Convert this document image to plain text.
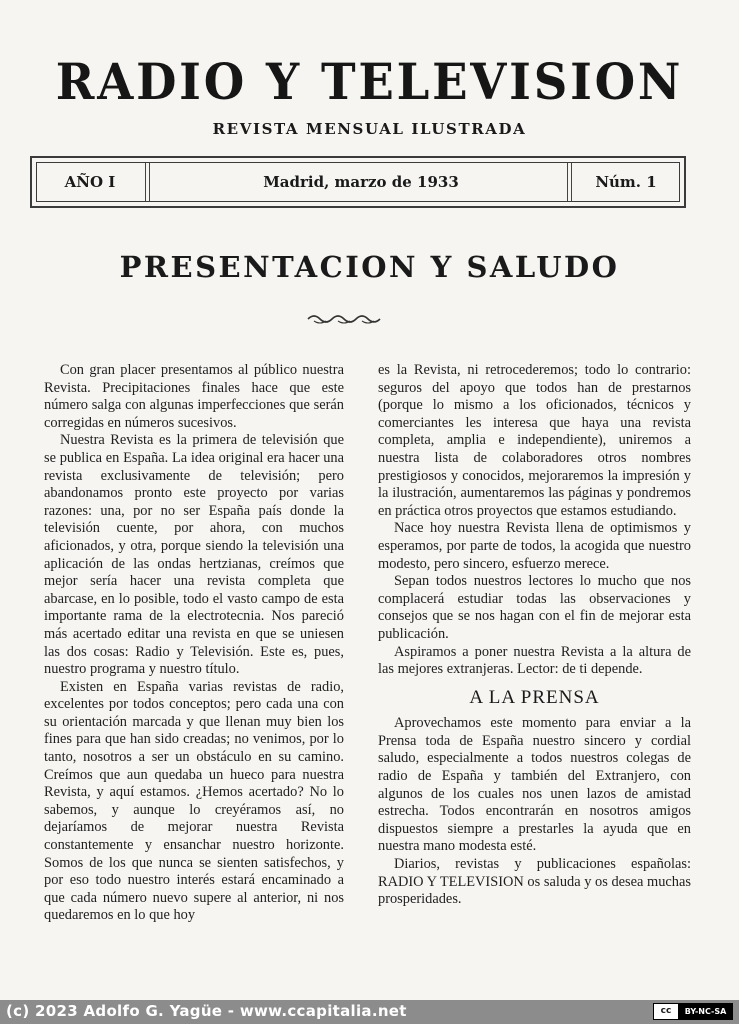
RADIO Y TELEVISION
REVISTA MENSUAL ILUSTRADA
AÑO I	Madrid, marzo de 1933	Núm. 1
PRESENTACION Y SALUDO

Con gran placer presentamos al público nuestra Revista. Precipitaciones finales hace que este número salga con algunas imperfecciones que serán corregidas en números sucesivos.

Nuestra Revista es la primera de televisión que se publica en España. La idea original era hacer una revista exclusivamente de televisión; pero abandonamos pronto este proyecto por varias razones: una, por no ser España país donde la televisión cuente, por ahora, con muchos aficionados, y otra, porque siendo la televisión una aplicación de las ondas hertzianas, creímos que mejor sería hacer una revista completa que abarcase, en lo posible, todo el vasto campo de esta importante rama de la electrotecnia. Nos pareció más acertado editar una revista en que se uniesen las dos cosas: Radio y Televisión. Este es, pues, nuestro programa y nuestro título.

Existen en España varias revistas de radio, excelentes por todos conceptos; pero cada una con su orientación marcada y que llenan muy bien los fines para que han sido creadas; no venimos, por lo tanto, nosotros a ser un obstáculo en su camino. Creímos que aun quedaba un hueco para nuestra Revista, y aquí estamos. ¿Hemos acertado? No lo sabemos, y aunque lo creyéramos así, no dejaríamos de mejorar nuestra Revista constantemente y ensanchar nuestro horizonte. Somos de los que nunca se sienten satisfechos, y por eso todo nuestro interés estará encaminado a que cada número nuevo supere al anterior, ni nos quedaremos en lo que hoy

es la Revista, ni retrocederemos; todo lo contrario: seguros del apoyo que todos han de prestarnos (porque lo mismo a los oficionados, técnicos y comerciantes les interesa que haya una revista completa, amplia e independiente), uniremos a nuestra lista de colaboradores otros nombres prestigiosos y conocidos, mejoraremos la impresión y la ilustración, aumentaremos las páginas y pondremos en práctica otros proyectos que estamos estudiando.

Nace hoy nuestra Revista llena de optimismos y esperamos, por parte de todos, la acogida que nuestro modesto, pero sincero, esfuerzo merece.

Sepan todos nuestros lectores lo mucho que nos complacerá estudiar todas las observaciones y consejos que se nos hagan con el fin de mejorar esta publicación.

Aspiramos a poner nuestra Revista a la altura de las mejores extranjeras. Lector: de ti depende.

A LA PRENSA

Aprovechamos este momento para enviar a la Prensa toda de España nuestro sincero y cordial saludo, especialmente a todos nuestros colegas de radio de España y también del Extranjero, con algunos de los cuales nos unen lazos de amistad estrecha. Todos encontrarán en nosotros amigos dispuestos siempre a prestarles la ayuda que en nuestra mano modesta esté.

Diarios, revistas y publicaciones españolas: RADIO Y TELEVISION os saluda y os desea muchas prosperidades.

(c) 2023 Adolfo G. Yagüe - www.ccapitalia.net	cc	BY-NC-SA
